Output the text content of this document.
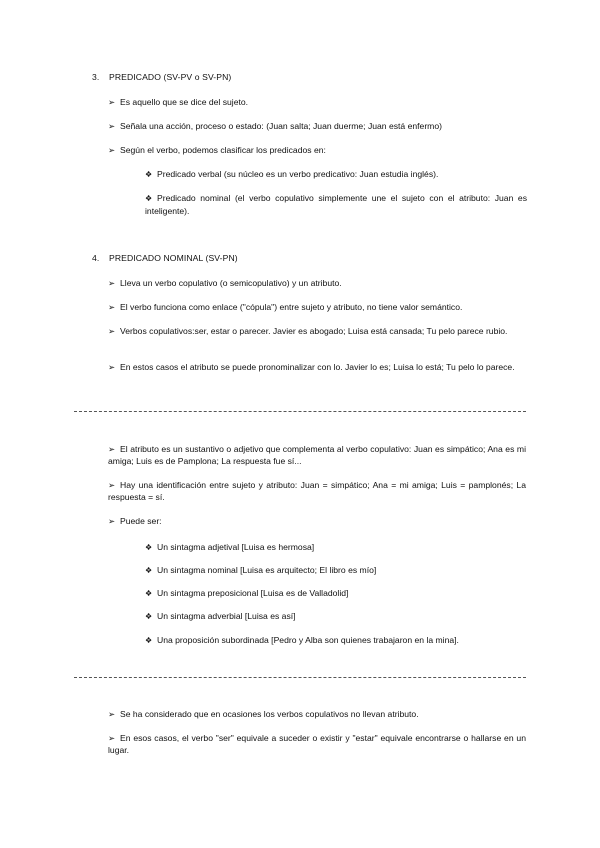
3. PREDICADO (SV-PV o SV-PN)
➢ Es aquello que se dice del sujeto.
➢ Señala una acción, proceso o estado: (Juan salta; Juan duerme; Juan está enfermo)
➢ Según el verbo, podemos clasificar los predicados en:
❖ Predicado verbal (su núcleo es un verbo predicativo: Juan estudia inglés).
❖ Predicado nominal (el verbo copulativo simplemente une el sujeto con el atributo: Juan es inteligente).
4. PREDICADO NOMINAL (SV-PN)
➢ Lleva un verbo copulativo (o semicopulativo) y un atributo.
➢ El verbo funciona como enlace ("cópula") entre sujeto y atributo, no tiene valor semántico.
➢ Verbos copulativos:ser, estar o parecer. Javier es abogado; Luisa está cansada; Tu pelo parece rubio.
➢ En estos casos el atributo se puede pronominalizar con lo. Javier lo es; Luisa lo está; Tu pelo lo parece.
➢ El atributo es un sustantivo o adjetivo que complementa al verbo copulativo: Juan es simpático; Ana es mi amiga; Luis es de Pamplona; La respuesta fue sí...
➢ Hay una identificación entre sujeto y atributo: Juan = simpático; Ana = mi amiga; Luis = pamplonés; La respuesta = sí.
➢ Puede ser:
❖ Un sintagma adjetival [Luisa es hermosa]
❖ Un sintagma nominal [Luisa es arquitecto; El libro es mío]
❖ Un sintagma preposicional [Luisa es de Valladolid]
❖ Un sintagma adverbial [Luisa es así]
❖ Una proposición subordinada [Pedro y Alba son quienes trabajaron en la mina].
➢ Se ha considerado que en ocasiones los verbos copulativos no llevan atributo.
➢ En esos casos, el verbo "ser" equivale a suceder o existir y "estar" equivale encontrarse o hallarse en un lugar.
